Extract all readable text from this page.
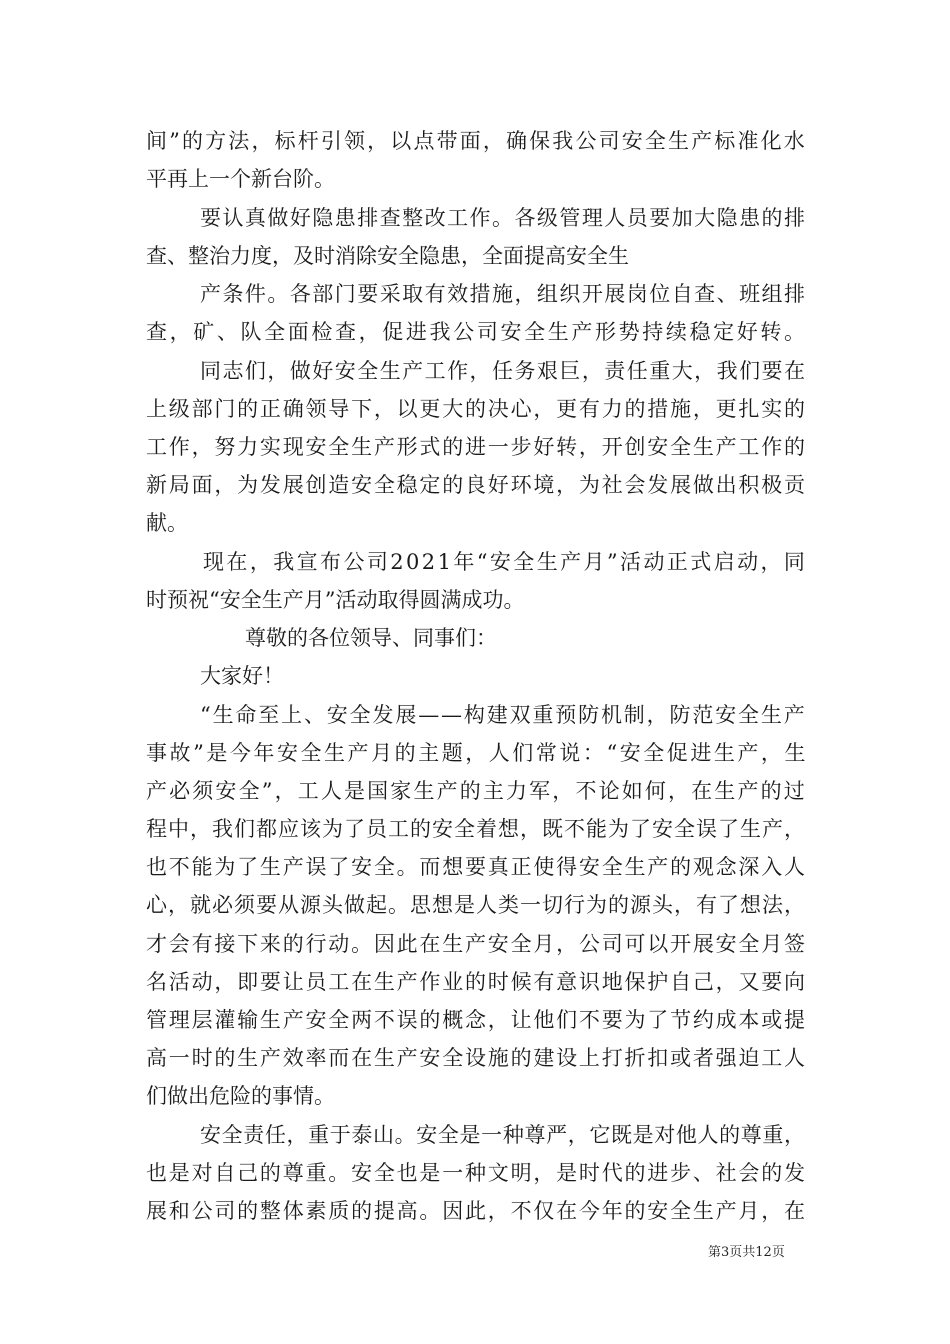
间”的方法，标杆引领，以点带面，确保我公司安全生产标准化水
平再上一个新台阶。
要认真做好隐患排查整改工作。各级管理人员要加大隐患的排
查、整治力度，及时消除安全隐患，全面提高安全生
产条件。各部门要采取有效措施，组织开展岗位自查、班组排
查，矿、队全面检查，促进我公司安全生产形势持续稳定好转。
同志们，做好安全生产工作，任务艰巨，责任重大，我们要在
上级部门的正确领导下，以更大的决心，更有力的措施，更扎实的
工作，努力实现安全生产形式的进一步好转，开创安全生产工作的
新局面，为发展创造安全稳定的良好环境，为社会发展做出积极贡
献。
现在，我宣布公司2021年“安全生产月”活动正式启动，同
时预祝“安全生产月”活动取得圆满成功。
尊敬的各位领导、同事们：
大家好！
“生命至上、安全发展——构建双重预防机制，防范安全生产
事故”是今年安全生产月的主题，人们常说：“安全促进生产，生
产必须安全”，工人是国家生产的主力军，不论如何，在生产的过
程中，我们都应该为了员工的安全着想，既不能为了安全误了生产，
也不能为了生产误了安全。而想要真正使得安全生产的观念深入人
心，就必须要从源头做起。思想是人类一切行为的源头，有了想法，
才会有接下来的行动。因此在生产安全月，公司可以开展安全月签
名活动，即要让员工在生产作业的时候有意识地保护自己，又要向
管理层灌输生产安全两不误的概念，让他们不要为了节约成本或提
高一时的生产效率而在生产安全设施的建设上打折扣或者强迫工人
们做出危险的事情。
安全责任，重于泰山。安全是一种尊严，它既是对他人的尊重，
也是对自己的尊重。安全也是一种文明，是时代的进步、社会的发
展和公司的整体素质的提高。因此，不仅在今年的安全生产月，在
第3页共12页
